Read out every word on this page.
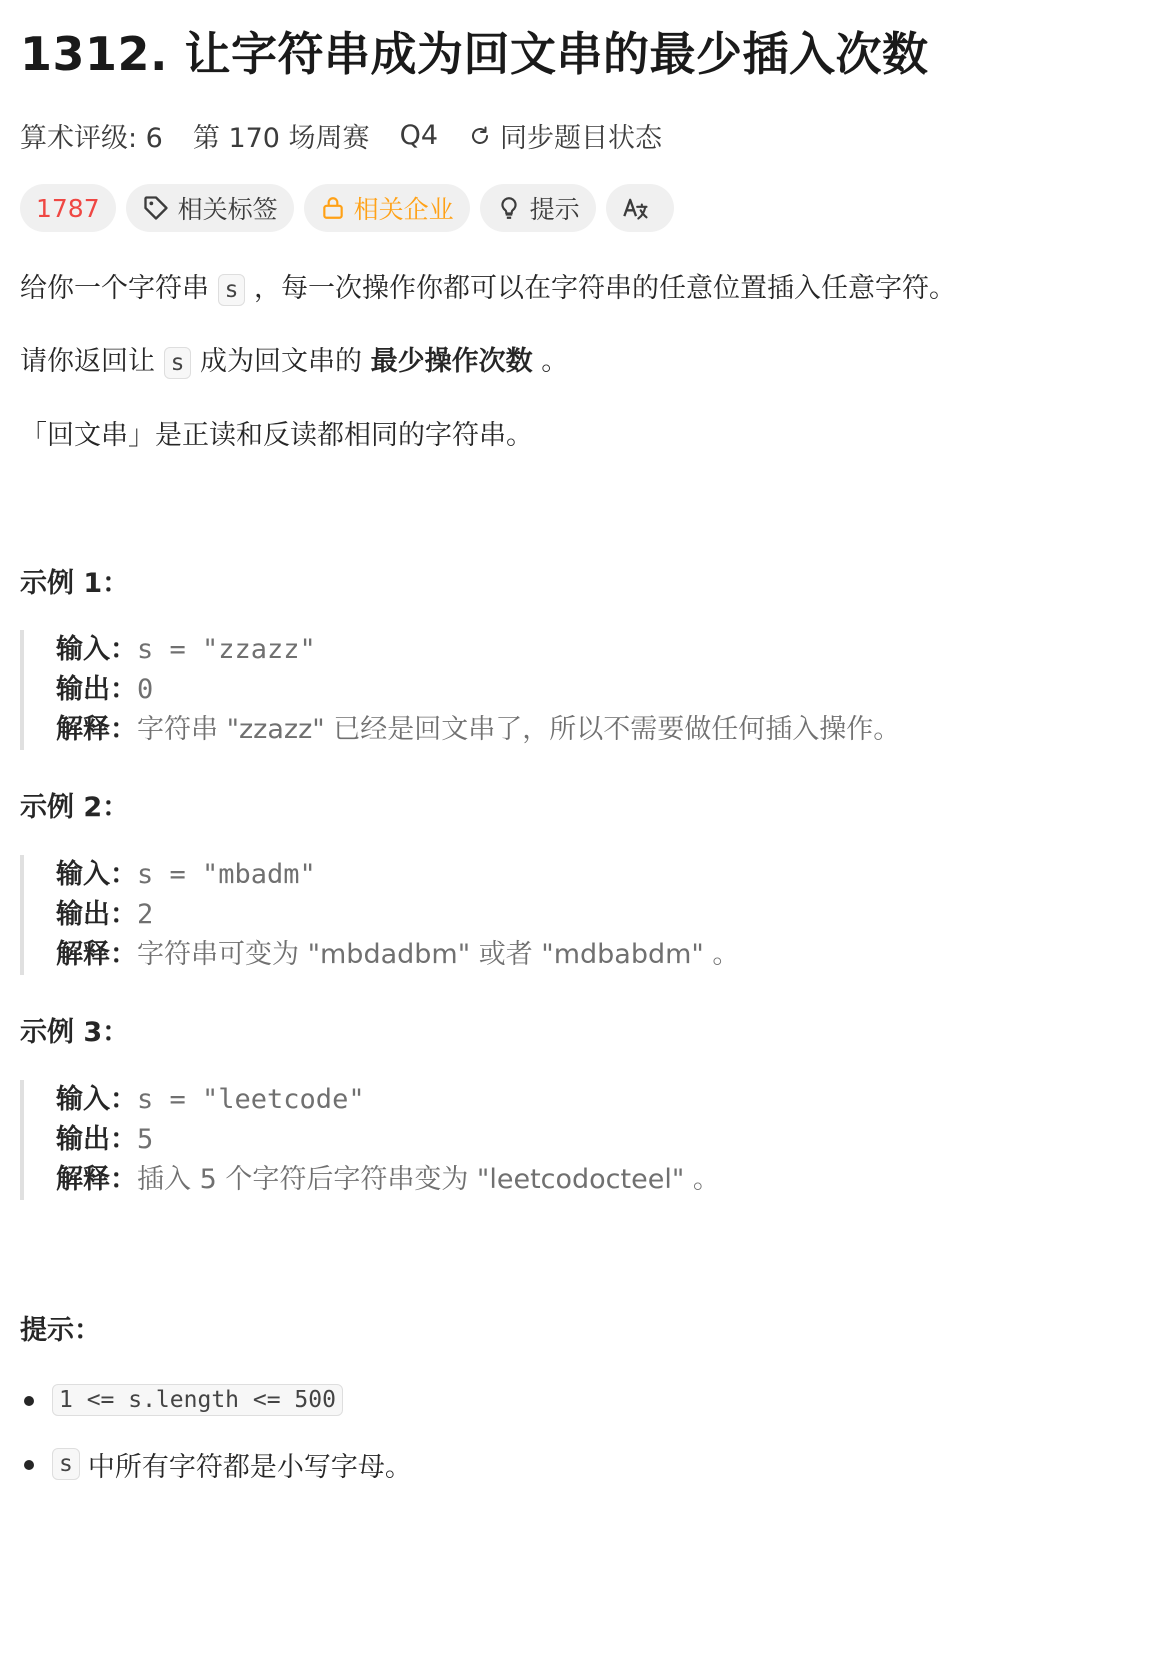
1312. 让字符串成为回文串的最少插入次数
算术评级: 6 第 170 场周赛 Q4 同步题目状态
1787	相关标签	相关企业	提示
给你一个字符串 s ，每一次操作你都可以在字符串的任意位置插入任意字符。
请你返回让 s 成为回文串的 最少操作次数 。
「回文串」是正读和反读都相同的字符串。
示例 1：
输入：s = "zzazz"
输出：0
解释：字符串 "zzazz" 已经是回文串了，所以不需要做任何插入操作。
示例 2：
输入：s = "mbadm"
输出：2
解释：字符串可变为 "mbdadbm" 或者 "mdbabdm" 。
示例 3：
输入：s = "leetcode"
输出：5
解释：插入 5 个字符后字符串变为 "leetcodocteel" 。
提示：
1 <= s.length <= 500
s 中所有字符都是小写字母。
